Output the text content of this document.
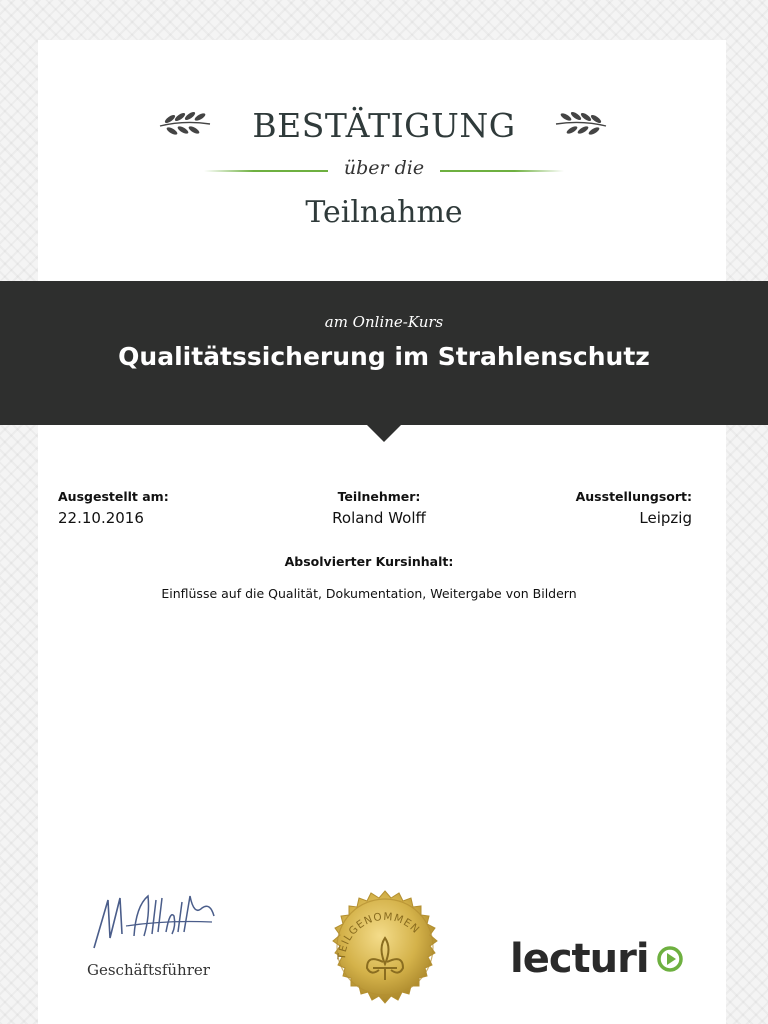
BESTÄTIGUNG
über die
Teilnahme
am Online-Kurs
Qualitätssicherung im Strahlenschutz
Ausgestellt am:
22.10.2016
Teilnehmer:
Roland Wolff
Ausstellungsort:
Leipzig
Absolvierter Kursinhalt:
Einflüsse auf die Qualität, Dokumentation, Weitergabe von Bildern
Geschäftsführer
TEILGENOMMEN
lecturi
